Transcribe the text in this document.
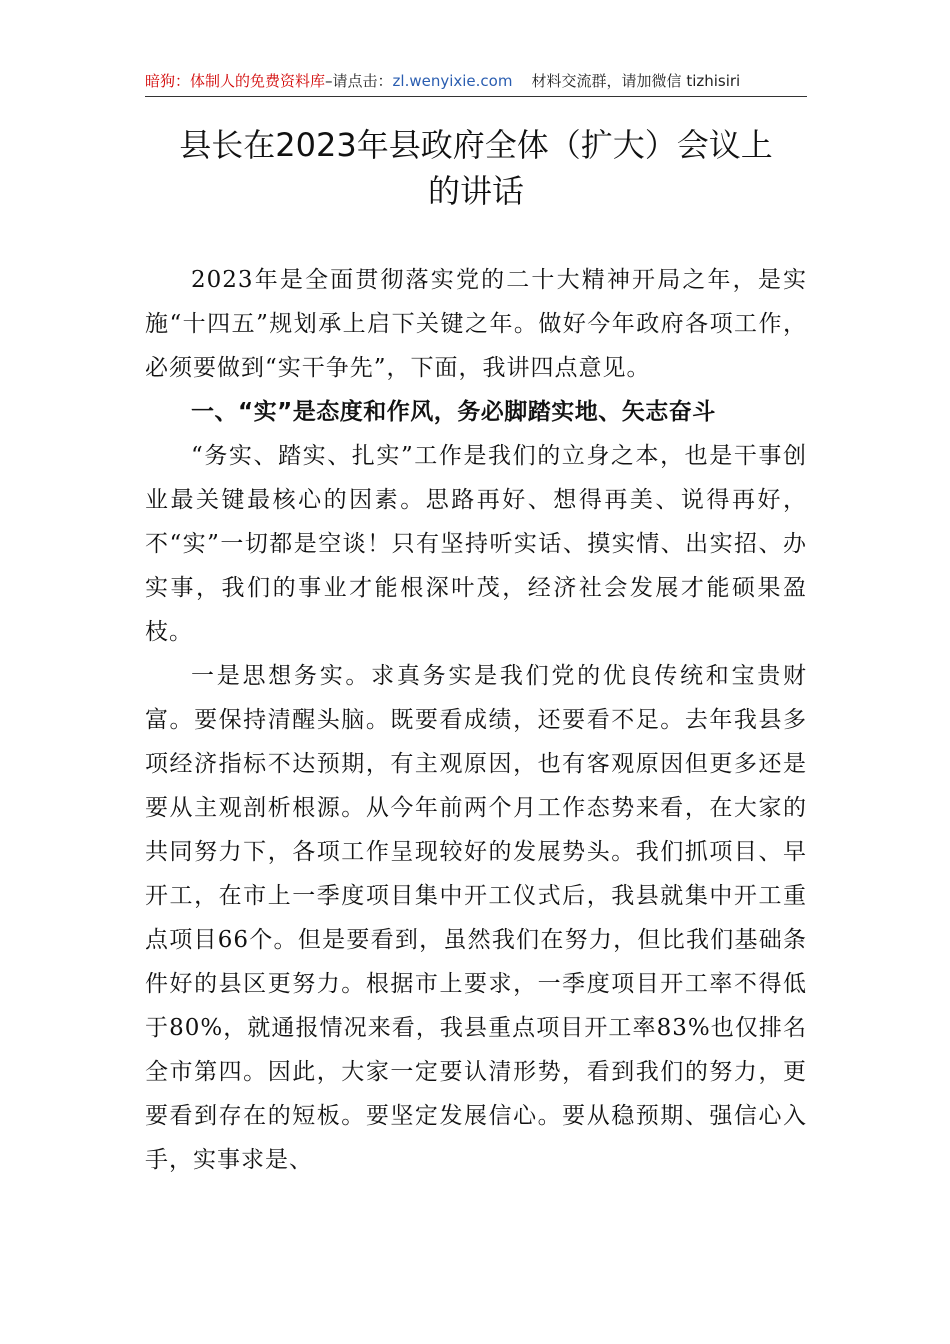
暗狗：体制人的免费资料库–请点击：zl.wenyixie.com 材料交流群，请加微信 tizhisiri
县长在2023年县政府全体（扩大）会议上
的讲话

2023年是全面贯彻落实党的二十大精神开局之年，是实施“十四五”规划承上启下关键之年。做好今年政府各项工作，必须要做到“实干争先”，下面，我讲四点意见。

一、“实”是态度和作风，务必脚踏实地、矢志奋斗

“务实、踏实、扎实”工作是我们的立身之本，也是干事创业最关键最核心的因素。思路再好、想得再美、说得再好，不“实”一切都是空谈！只有坚持听实话、摸实情、出实招、办实事，我们的事业才能根深叶茂，经济社会发展才能硕果盈枝。

一是思想务实。求真务实是我们党的优良传统和宝贵财富。要保持清醒头脑。既要看成绩，还要看不足。去年我县多项经济指标不达预期，有主观原因，也有客观原因但更多还是要从主观剖析根源。从今年前两个月工作态势来看，在大家的共同努力下，各项工作呈现较好的发展势头。我们抓项目、早开工，在市上一季度项目集中开工仪式后，我县就集中开工重点项目66个。但是要看到，虽然我们在努力，但比我们基础条件好的县区更努力。根据市上要求，一季度项目开工率不得低于80%，就通报情况来看，我县重点项目开工率83%也仅排名全市第四。因此，大家一定要认清形势，看到我们的努力，更要看到存在的短板。要坚定发展信心。要从稳预期、强信心入手，实事求是、
